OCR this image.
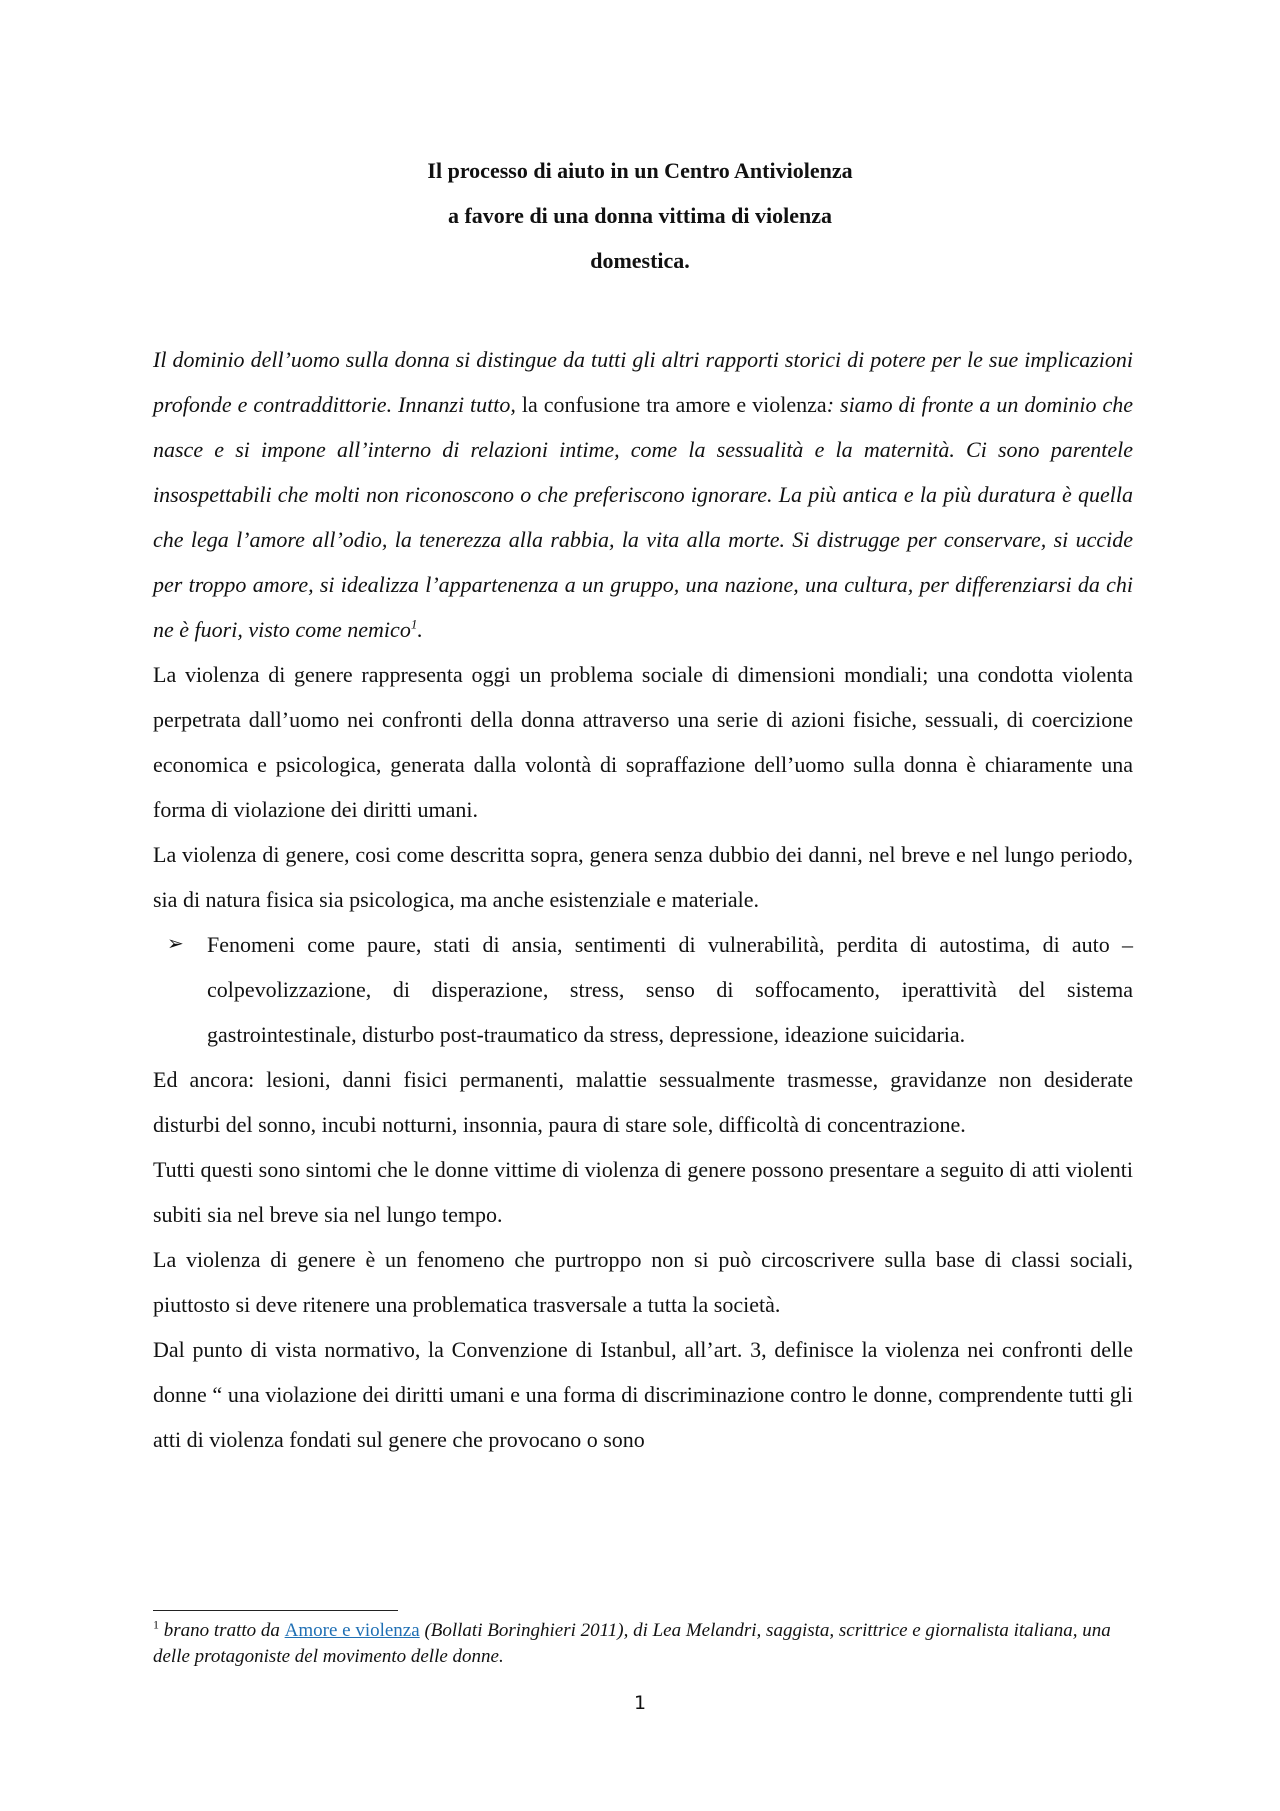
Il processo di aiuto in un Centro Antiviolenza
a favore di una donna vittima di violenza
domestica.

Il dominio dell’uomo sulla donna si distingue da tutti gli altri rapporti storici di potere per le sue implicazioni profonde e contraddittorie. Innanzi tutto, la confusione tra amore e violenza: siamo di fronte a un dominio che nasce e si impone all’interno di relazioni intime, come la sessualità e la maternità. Ci sono parentele insospettabili che molti non riconoscono o che preferiscono ignorare. La più antica e la più duratura è quella che lega l’amore all’odio, la tenerezza alla rabbia, la vita alla morte. Si distrugge per conservare, si uccide per troppo amore, si idealizza l’appartenenza a un gruppo, una nazione, una cultura, per differenziarsi da chi ne è fuori, visto come nemico$^1$.

La violenza di genere rappresenta oggi un problema sociale di dimensioni mondiali; una condotta violenta perpetrata dall’uomo nei confronti della donna attraverso una serie di azioni fisiche, sessuali, di coercizione economica e psicologica, generata dalla volontà di sopraffazione dell’uomo sulla donna è chiaramente una forma di violazione dei diritti umani.

La violenza di genere, cosi come descritta sopra, genera senza dubbio dei danni, nel breve e nel lungo periodo, sia di natura fisica sia psicologica, ma anche esistenziale e materiale.

➢ Fenomeni come paure, stati di ansia, sentimenti di vulnerabilità, perdita di autostima, di auto – colpevolizzazione, di disperazione, stress, senso di soffocamento, iperattività del sistema gastrointestinale, disturbo post-traumatico da stress, depressione, ideazione suicidaria.

Ed ancora: lesioni, danni fisici permanenti, malattie sessualmente trasmesse, gravidanze non desiderate disturbi del sonno, incubi notturni, insonnia, paura di stare sole, difficoltà di concentrazione.

Tutti questi sono sintomi che le donne vittime di violenza di genere possono presentare a seguito di atti violenti subiti sia nel breve sia nel lungo tempo.

La violenza di genere è un fenomeno che purtroppo non si può circoscrivere sulla base di classi sociali, piuttosto si deve ritenere una problematica trasversale a tutta la società.

Dal punto di vista normativo, la Convenzione di Istanbul, all’art. 3, definisce la violenza nei confronti delle donne “ una violazione dei diritti umani e una forma di discriminazione contro le donne, comprendente tutti gli atti di violenza fondati sul genere che provocano o sono

$^1$ brano tratto da Amore e violenza (Bollati Boringhieri 2011), di Lea Melandri, saggista, scrittrice e giornalista italiana, una delle protagoniste del movimento delle donne.
1
